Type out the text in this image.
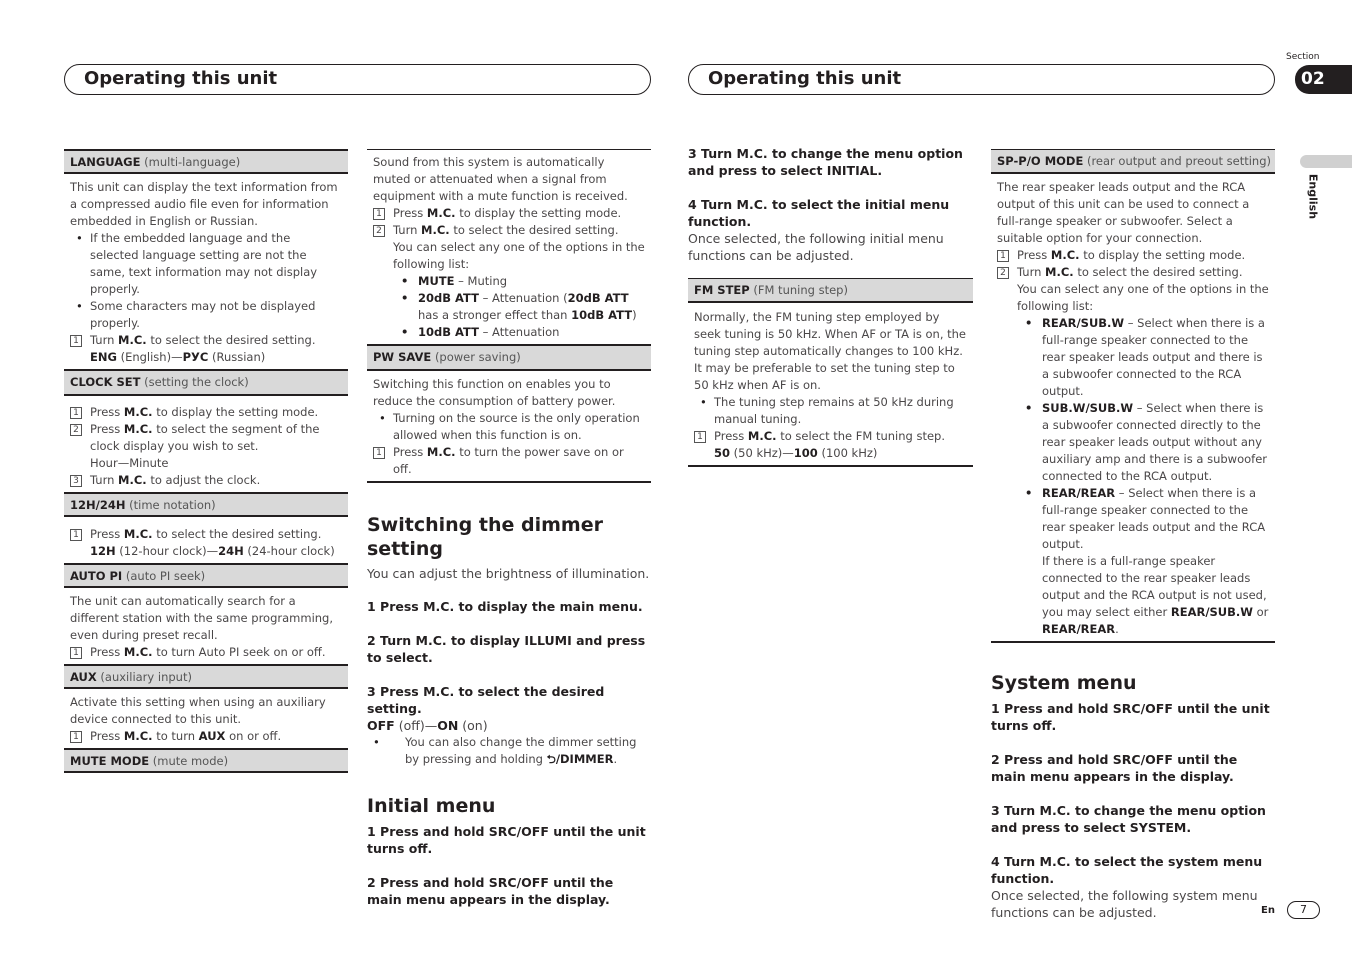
Operating this unit	Operating this unit
Section
02
English
LANGUAGE (multi-language)

This unit can display the text information from a compressed audio file even for information embedded in English or Russian.

• If the embedded language and the selected language setting are not the same, text information may not display properly.

• Some characters may not be displayed properly.

1 Turn M.C. to select the desired setting.

ENG (English)—РУС (Russian)

CLOCK SET (setting the clock)

1 Press M.C. to display the setting mode.

2 Press M.C. to select the segment of the clock display you wish to set.

Hour—Minute

3 Turn M.C. to adjust the clock.

12H/24H (time notation)

1 Press M.C. to select the desired setting.

12H (12-hour clock)—24H (24-hour clock)

AUTO PI (auto PI seek)

The unit can automatically search for a different station with the same programming, even during preset recall.

1 Press M.C. to turn Auto PI seek on or off.

AUX (auxiliary input)

Activate this setting when using an auxiliary device connected to this unit.

1 Press M.C. to turn AUX on or off.

MUTE MODE (mute mode)

Sound from this system is automatically muted or attenuated when a signal from equipment with a mute function is received.

1 Press M.C. to display the setting mode.

2 Turn M.C. to select the desired setting.

You can select any one of the options in the following list:

• MUTE – Muting

• 20dB ATT – Attenuation (20dB ATT has a stronger effect than 10dB ATT)

• 10dB ATT – Attenuation

PW SAVE (power saving)

Switching this function on enables you to reduce the consumption of battery power.

• Turning on the source is the only operation allowed when this function is on.

1 Press M.C. to turn the power save on or off.

Switching the dimmer setting

You can adjust the brightness of illumination.

1 Press M.C. to display the main menu.

2 Turn M.C. to display ILLUMI and press to select.

3 Press M.C. to select the desired setting.

OFF (off)—ON (on)

• You can also change the dimmer setting by pressing and holding ⮌/DIMMER.

Initial menu

1 Press and hold SRC/OFF until the unit turns off.

2 Press and hold SRC/OFF until the main menu appears in the display.

3 Turn M.C. to change the menu option and press to select INITIAL.

4 Turn M.C. to select the initial menu function.

Once selected, the following initial menu functions can be adjusted.

FM STEP (FM tuning step)

Normally, the FM tuning step employed by seek tuning is 50 kHz. When AF or TA is on, the tuning step automatically changes to 100 kHz. It may be preferable to set the tuning step to 50 kHz when AF is on.

• The tuning step remains at 50 kHz during manual tuning.

1 Press M.C. to select the FM tuning step.

50 (50 kHz)—100 (100 kHz)

SP-P/O MODE (rear output and preout setting)

The rear speaker leads output and the RCA output of this unit can be used to connect a full-range speaker or subwoofer. Select a suitable option for your connection.

1 Press M.C. to display the setting mode.

2 Turn M.C. to select the desired setting.

You can select any one of the options in the following list:

• REAR/SUB.W – Select when there is a full-range speaker connected to the rear speaker leads output and there is a subwoofer connected to the RCA output.

• SUB.W/SUB.W – Select when there is a subwoofer connected directly to the rear speaker leads output without any auxiliary amp and there is a subwoofer connected to the RCA output.

• REAR/REAR – Select when there is a full-range speaker connected to the rear speaker leads output and the RCA output.

If there is a full-range speaker connected to the rear speaker leads output and the RCA output is not used, you may select either REAR/SUB.W or REAR/REAR.

System menu

1 Press and hold SRC/OFF until the unit turns off.

2 Press and hold SRC/OFF until the main menu appears in the display.

3 Turn M.C. to change the menu option and press to select SYSTEM.

4 Turn M.C. to select the system menu function.

Once selected, the following system menu functions can be adjusted.	En	7
